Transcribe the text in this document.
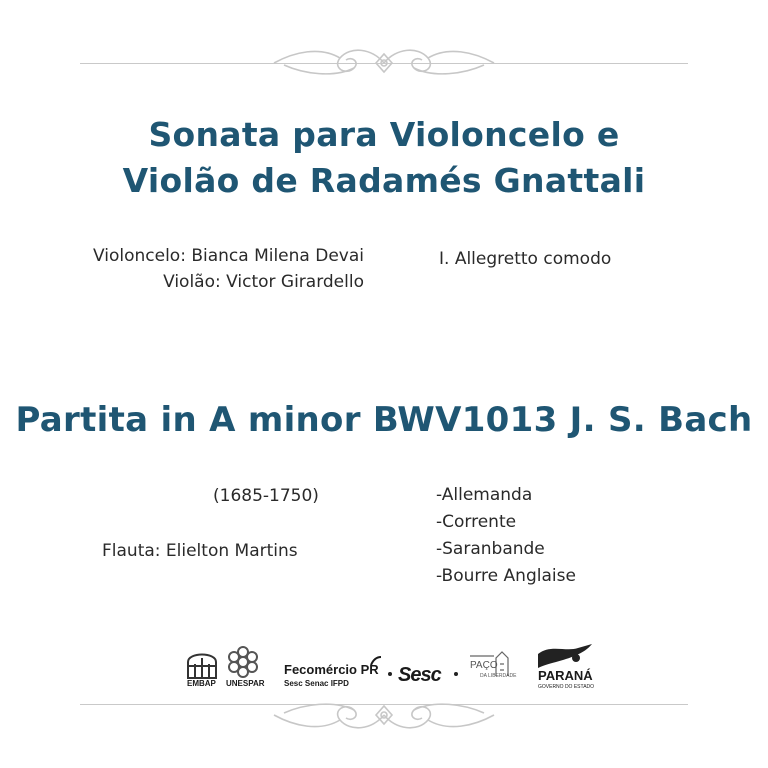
Sonata para Violoncelo e
Violão de Radamés Gnattali
Violoncelo: Bianca Milena Devai
Violão: Victor Girardello
I. Allegretto comodo
Partita in A minor BWV1013 J. S. Bach
(1685-1750)
Flauta: Elielton Martins
-Allemanda
-Corrente
-Saranbande
-Bourre Anglaise
EMBAP UNESPAR
Fecomércio PR
Sesc Senac IFPD Sesc	PAÇO
DA LIBERDADE PARANÁ
GOVERNO DO ESTADO
